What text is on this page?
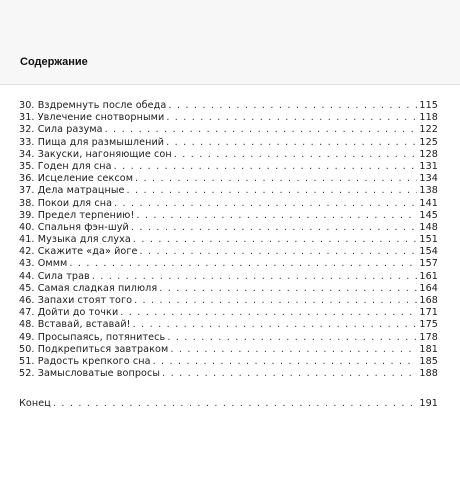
Содержание
30. Вздремнуть после обеда . . .	115
31. Увлечение снотворными . . .	118
32. Сила разума . . .	122
33. Пища для размышлений . . .	125
34. Закуски, нагоняющие сон . . .	128
35. Годен для сна . . .	131
36. Исцеление сексом . . .	134
37. Дела матрацные . . .	138
38. Покои для сна . . .	141
39. Предел терпению! . . .	145
40. Спальня фэн-шуй . . .	148
41. Музыка для слуха . . .	151
42. Скажите «да» йоге . . .	154
43. Оммм . . .	157
44. Сила трав . . .	161
45. Самая сладкая пилюля . . .	164
46. Запахи стоят того . . .	168
47. Дойти до точки . . .	171
48. Вставай, вставай! . . .	175
49. Просыпаясь, потянитесь . . .	178
50. Подкрепиться завтраком . . .	181
51. Радость крепкого сна . . .	185
52. Замысловатые вопросы . . .	188
Конец . . .	191
